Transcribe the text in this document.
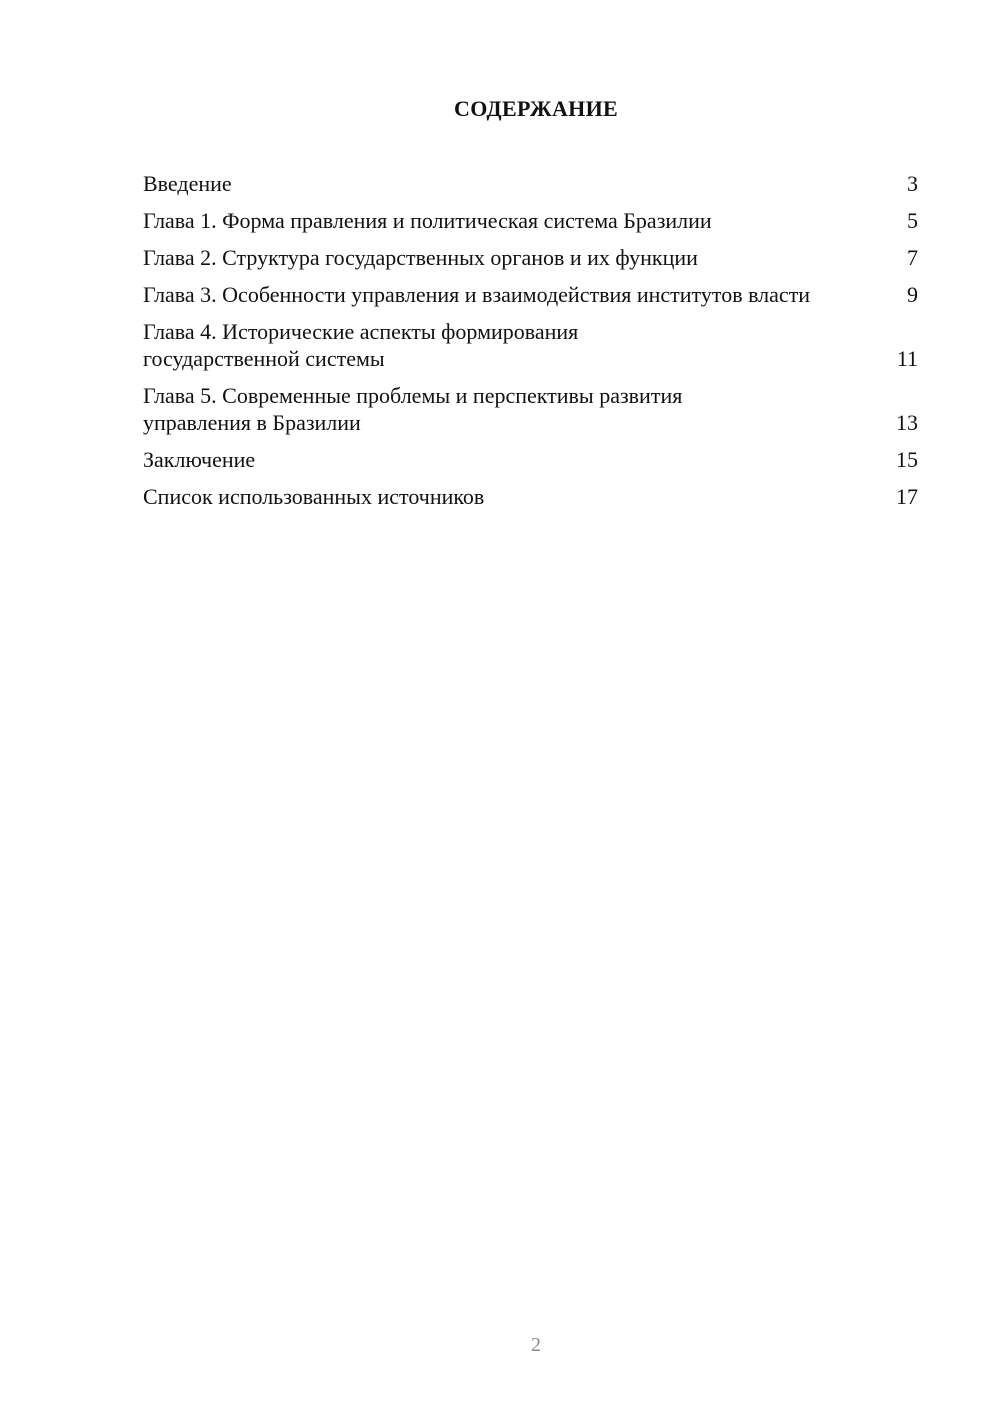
СОДЕРЖАНИЕ
Введение	3
Глава 1. Форма правления и политическая система Бразилии	5
Глава 2. Структура государственных органов и их функции	7
Глава 3. Особенности управления и взаимодействия институтов власти	9
Глава 4. Исторические аспекты формирования государственной системы	11
Глава 5. Современные проблемы и перспективы развития управления в Бразилии	13
Заключение	15
Список использованных источников	17
2
